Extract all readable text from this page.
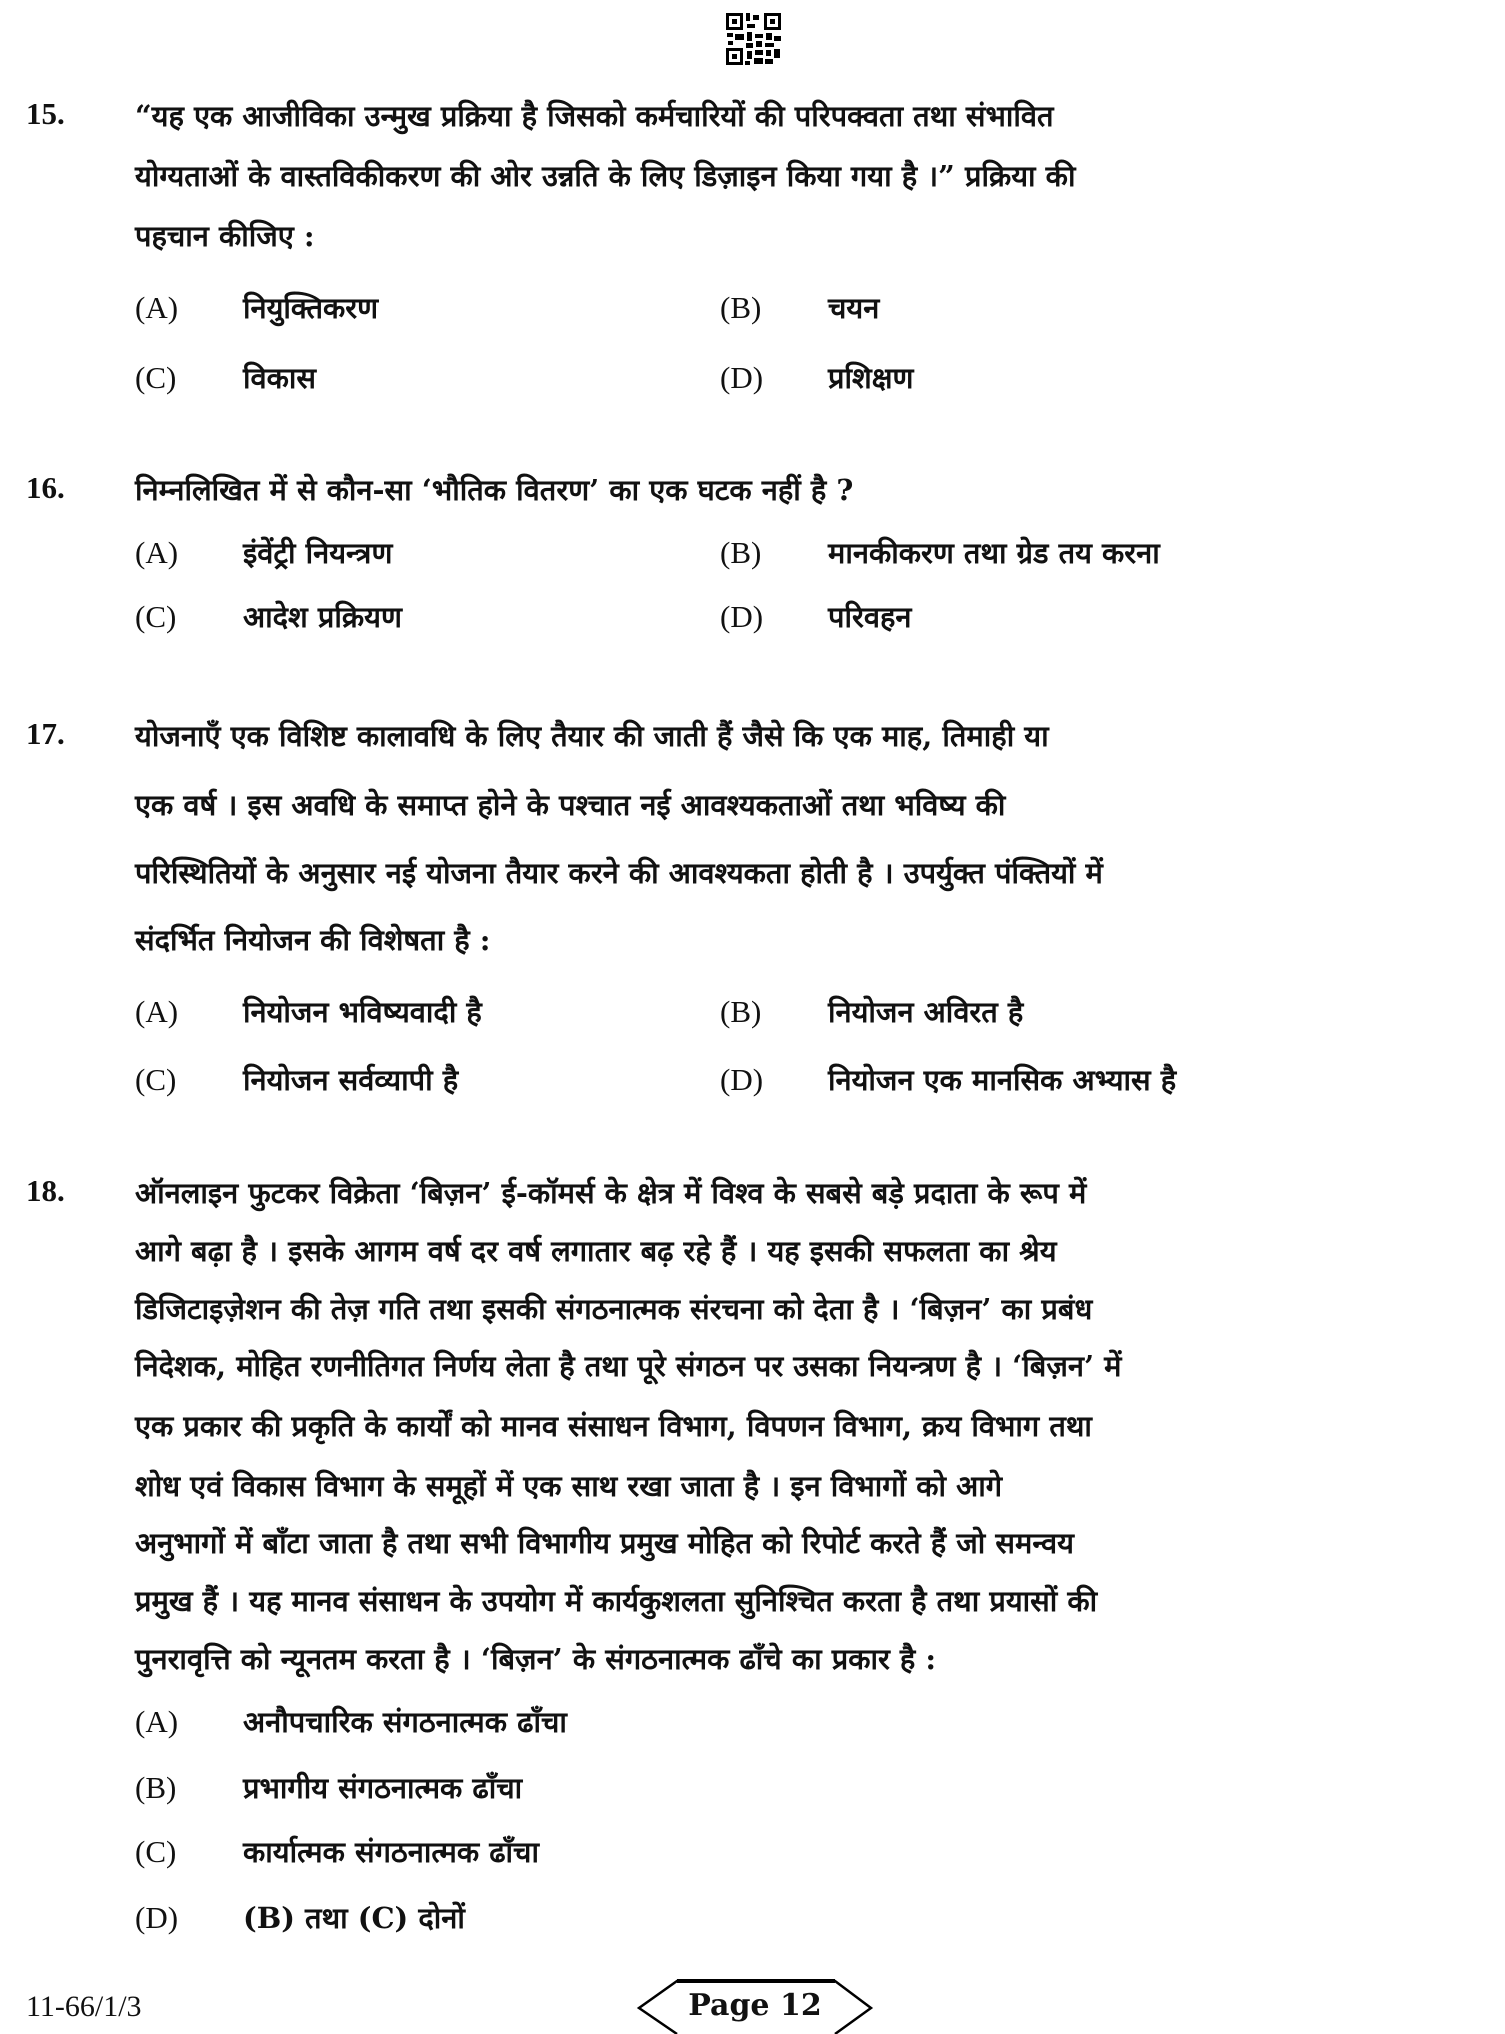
15. “यह एक आजीविका उन्मुख प्रक्रिया है जिसको कर्मचारियों की परिपक्वता तथा संभावित
योग्यताओं के वास्तविकीकरण की ओर उन्नति के लिए डिज़ाइन किया गया है ।” प्रक्रिया की
पहचान कीजिए :
(A) नियुक्तिकरण	(B) चयन
(C) विकास	(D) प्रशिक्षण
16. निम्नलिखित में से कौन-सा ‘भौतिक वितरण’ का एक घटक नहीं है ?
(A) इंवेंट्री नियन्त्रण	(B) मानकीकरण तथा ग्रेड तय करना
(C) आदेश प्रक्रियण	(D) परिवहन
17. योजनाएँ एक विशिष्ट कालावधि के लिए तैयार की जाती हैं जैसे कि एक माह, तिमाही या
एक वर्ष । इस अवधि के समाप्त होने के पश्चात नई आवश्यकताओं तथा भविष्य की
परिस्थितियों के अनुसार नई योजना तैयार करने की आवश्यकता होती है । उपर्युक्त पंक्तियों में
संदर्भित नियोजन की विशेषता है :
(A) नियोजन भविष्यवादी है	(B) नियोजन अविरत है
(C) नियोजन सर्वव्यापी है	(D) नियोजन एक मानसिक अभ्यास है
18. ऑनलाइन फुटकर विक्रेता ‘बिज़न’ ई-कॉमर्स के क्षेत्र में विश्व के सबसे बड़े प्रदाता के रूप में
आगे बढ़ा है । इसके आगम वर्ष दर वर्ष लगातार बढ़ रहे हैं । यह इसकी सफलता का श्रेय
डिजिटाइज़ेशन की तेज़ गति तथा इसकी संगठनात्मक संरचना को देता है । ‘बिज़न’ का प्रबंध
निदेशक, मोहित रणनीतिगत निर्णय लेता है तथा पूरे संगठन पर उसका नियन्त्रण है । ‘बिज़न’ में
एक प्रकार की प्रकृति के कार्यों को मानव संसाधन विभाग, विपणन विभाग, क्रय विभाग तथा
शोध एवं विकास विभाग के समूहों में एक साथ रखा जाता है । इन विभागों को आगे
अनुभागों में बाँटा जाता है तथा सभी विभागीय प्रमुख मोहित को रिपोर्ट करते हैं जो समन्वय
प्रमुख हैं । यह मानव संसाधन के उपयोग में कार्यकुशलता सुनिश्चित करता है तथा प्रयासों की
पुनरावृत्ति को न्यूनतम करता है । ‘बिज़न’ के संगठनात्मक ढाँचे का प्रकार है :
(A) अनौपचारिक संगठनात्मक ढाँचा
(B) प्रभागीय संगठनात्मक ढाँचा
(C) कार्यात्मक संगठनात्मक ढाँचा
(D) (B) तथा (C) दोनों
11-66/1/3	Page 12
